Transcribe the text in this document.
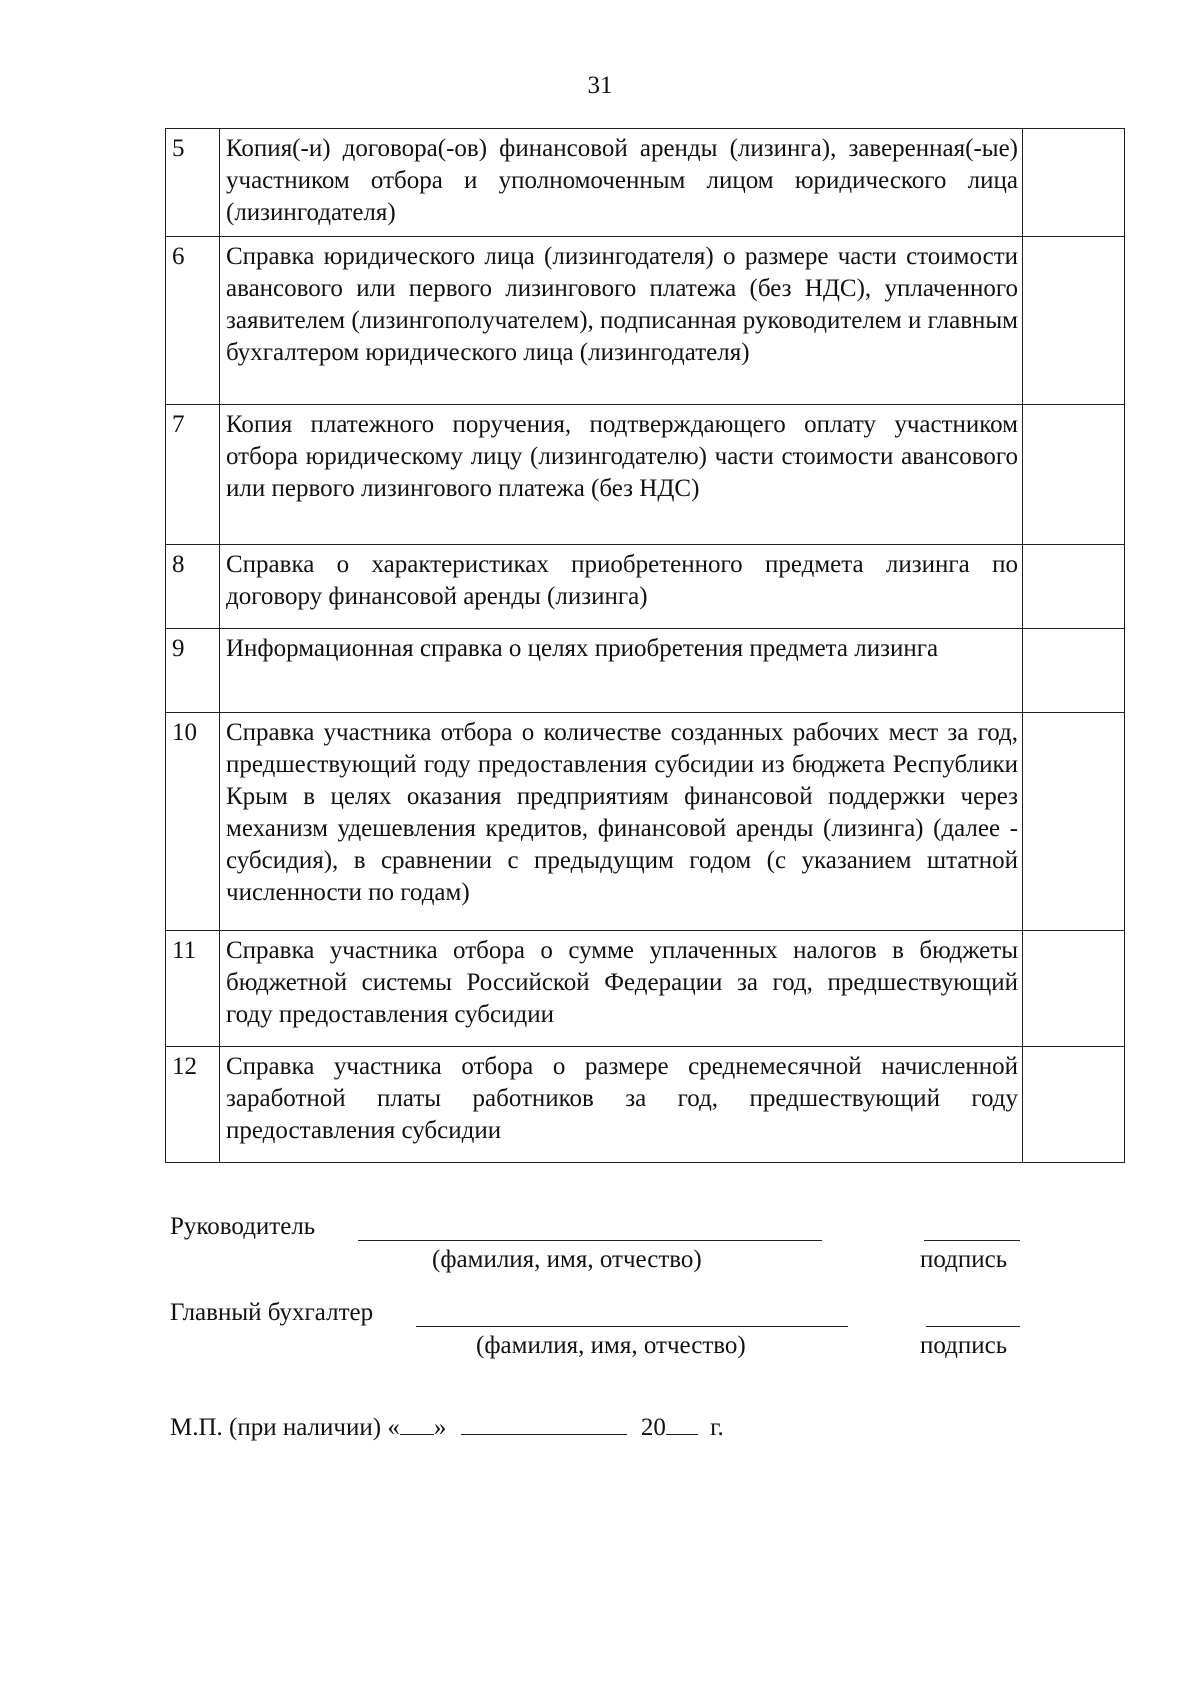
31
5	Копия(-и) договора(-ов) финансовой аренды (лизинга), заверенная(-ые) участником отбора и уполномоченным лицом юридического лица (лизингодателя)	
6	Справка юридического лица (лизингодателя) о размере части стоимости авансового или первого лизингового платежа (без НДС), уплаченного заявителем (лизингополучателем), подписанная руководителем и главным бухгалтером юридического лица (лизингодателя)	
7	Копия платежного поручения, подтверждающего оплату участником отбора юридическому лицу (лизингодателю) части стоимости авансового или первого лизингового платежа (без НДС)	
8	Справка о характеристиках приобретенного предмета лизинга по договору финансовой аренды (лизинга)	
9	Информационная справка о целях приобретения предмета лизинга	
10	Справка участника отбора о количестве созданных рабочих мест за год, предшествующий году предоставления субсидии из бюджета Республики Крым в целях оказания предприятиям финансовой поддержки через механизм удешевления кредитов, финансовой аренды (лизинга) (далее - субсидия), в сравнении с предыдущим годом (с указанием штатной численности по годам)	
11	Справка участника отбора о сумме уплаченных налогов в бюджеты бюджетной системы Российской Федерации за год, предшествующий году предоставления субсидии	
12	Справка участника отбора о размере среднемесячной начисленной заработной платы работников за год, предшествующий году предоставления субсидии	
Руководитель
(фамилия, имя, отчество)	подпись
Главный бухгалтер
(фамилия, имя, отчество)	подпись
М.П. (при наличии) « »	20 г.
